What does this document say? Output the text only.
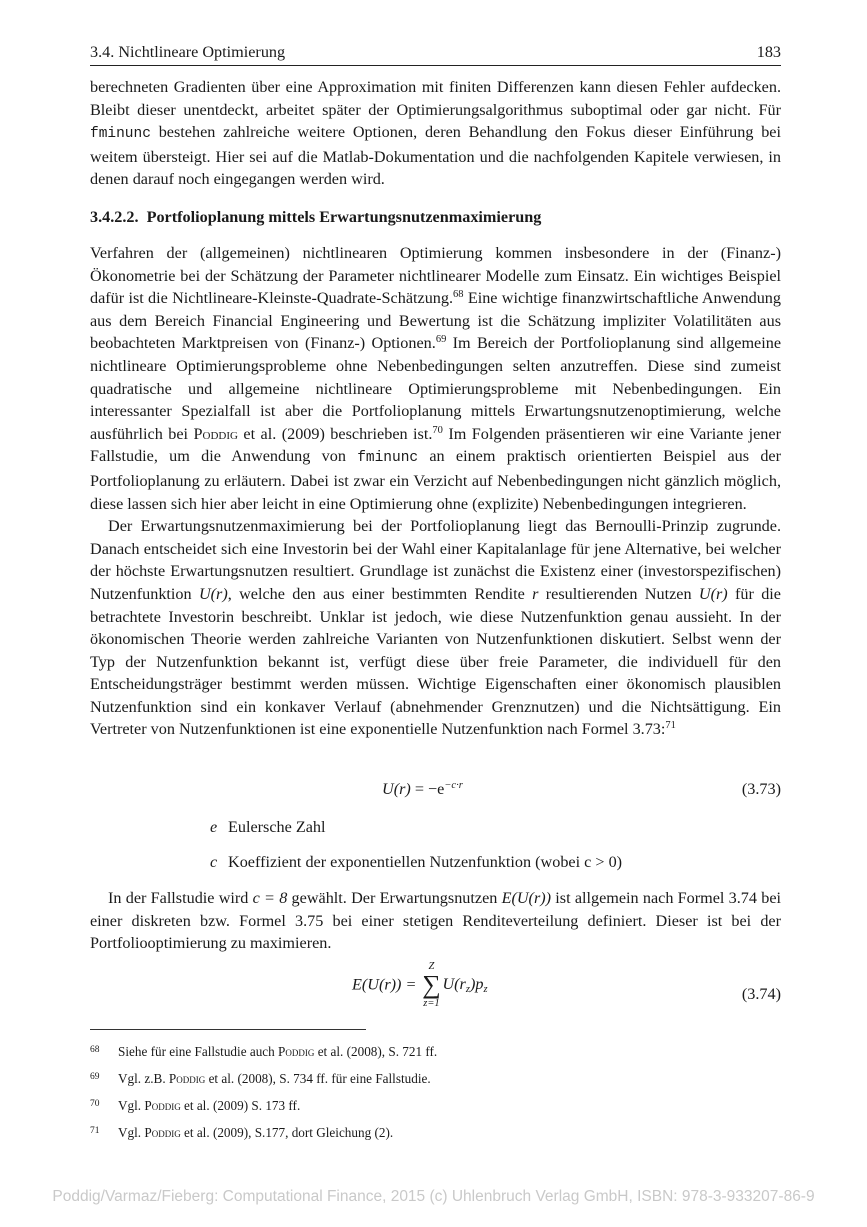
3.4. Nichtlineare Optimierung	183

berechneten Gradienten über eine Approximation mit finiten Differenzen kann diesen Fehler aufdecken. Bleibt dieser unentdeckt, arbeitet später der Optimierungsalgorithmus suboptimal oder gar nicht. Für fminunc bestehen zahlreiche weitere Optionen, deren Behandlung den Fokus dieser Einführung bei weitem übersteigt. Hier sei auf die Matlab-Dokumentation und die nachfolgenden Kapitele verwiesen, in denen darauf noch eingegangen werden wird.

3.4.2.2. Portfolioplanung mittels Erwartungsnutzenmaximierung

Verfahren der (allgemeinen) nichtlinearen Optimierung kommen insbesondere in der (Finanz-) Ökonometrie bei der Schätzung der Parameter nichtlinearer Modelle zum Einsatz. Ein wichtiges Beispiel dafür ist die Nichtlineare-Kleinste-Quadrate-Schätzung.$^{68}$ Eine wichtige finanzwirtschaftliche Anwendung aus dem Bereich Financial Engineering und Bewertung ist die Schätzung impliziter Volatilitäten aus beobachteten Marktpreisen von (Finanz-) Optionen.$^{69}$ Im Bereich der Portfolioplanung sind allgemeine nichtlineare Optimierungsprobleme ohne Nebenbedingungen selten anzutreffen. Diese sind zumeist quadratische und allgemeine nichtlineare Optimierungsprobleme mit Nebenbedingungen. Ein interessanter Spezialfall ist aber die Portfolioplanung mittels Erwartungsnutzenoptimierung, welche ausführlich bei Poddig et al. (2009) beschrieben ist.$^{70}$ Im Folgenden präsentieren wir eine Variante jener Fallstudie, um die Anwendung von fminunc an einem praktisch orientierten Beispiel aus der Portfolioplanung zu erläutern. Dabei ist zwar ein Verzicht auf Nebenbedingungen nicht gänzlich möglich, diese lassen sich hier aber leicht in eine Optimierung ohne (explizite) Nebenbedingungen integrieren.

Der Erwartungsnutzenmaximierung bei der Portfolioplanung liegt das Bernoulli-Prinzip zugrunde. Danach entscheidet sich eine Investorin bei der Wahl einer Kapitalanlage für jene Alternative, bei welcher der höchste Erwartungsnutzen resultiert. Grundlage ist zunächst die Existenz einer (investorspezifischen) Nutzenfunktion U(r), welche den aus einer bestimmten Rendite r resultierenden Nutzen U(r) für die betrachtete Investorin beschreibt. Unklar ist jedoch, wie diese Nutzenfunktion genau aussieht. In der ökonomischen Theorie werden zahlreiche Varianten von Nutzenfunktionen diskutiert. Selbst wenn der Typ der Nutzenfunktion bekannt ist, verfügt diese über freie Parameter, die individuell für den Entscheidungsträger bestimmt werden müssen. Wichtige Eigenschaften einer ökonomisch plausiblen Nutzenfunktion sind ein konkaver Verlauf (abnehmender Grenznutzen) und die Nichtsättigung. Ein Vertreter von Nutzenfunktionen ist eine exponentielle Nutzenfunktion nach Formel 3.73:$^{71}$

$U(r) = -e^{-c\cdot r}$	(3.73)
e Eulersche Zahl
c Koeffizient der exponentiellen Nutzenfunktion (wobei c > 0)

In der Fallstudie wird c = 8 gewählt. Der Erwartungsnutzen E(U(r)) ist allgemein nach Formel 3.74 bei einer diskreten bzw. Formel 3.75 bei einer stetigen Renditeverteilung definiert. Dieser ist bei der Portfoliooptimierung zu maximieren.

E(U(r)) =
Z
∑
z=1
$U(r_z)p_z$	(3.74)
68 Siehe für eine Fallstudie auch Poddig et al. (2008), S. 721 ff.
69 Vgl. z.B. Poddig et al. (2008), S. 734 ff. für eine Fallstudie.
70 Vgl. Poddig et al. (2009) S. 173 ff.
71 Vgl. Poddig et al. (2009), S.177, dort Gleichung (2).
Poddig/Varmaz/Fieberg: Computational Finance, 2015 (c) Uhlenbruch Verlag GmbH, ISBN: 978-3-933207-86-9
